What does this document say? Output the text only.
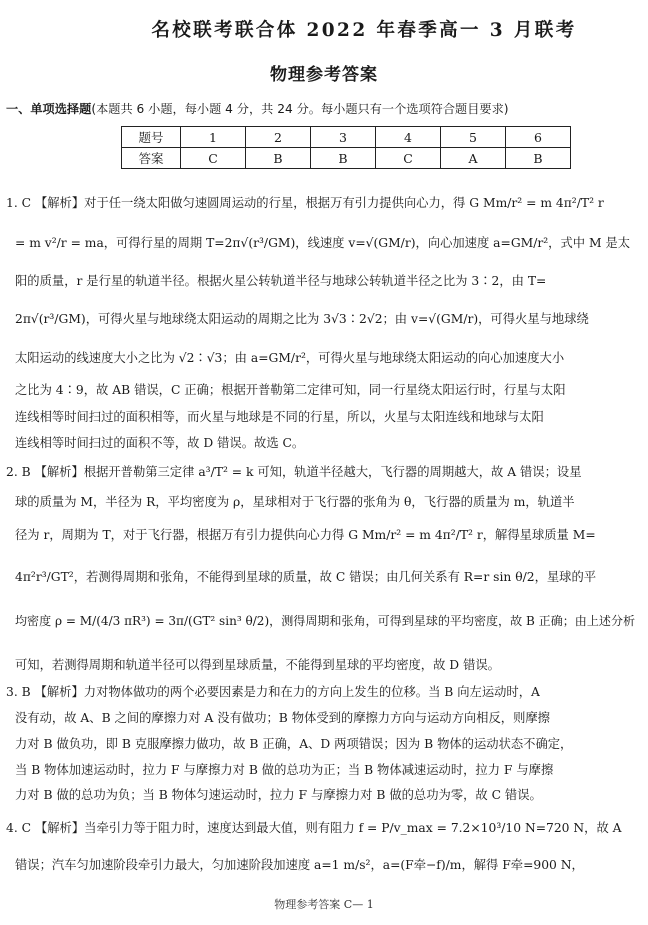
名校联考联合体 2022 年春季高一 3 月联考
物理参考答案
一、单项选择题(本题共 6 小题，每小题 4 分，共 24 分。每小题只有一个选项符合题目要求)
题号	1	2	3	4	5	6
答案	C	B	B	C	A	B
1. C 【解析】对于任一绕太阳做匀速圆周运动的行星，根据万有引力提供向心力，得 G Mm/r² = m 4π²/T² r
= m v²/r = ma，可得行星的周期 T=2π√(r³/GM)，线速度 v=√(GM/r)，向心加速度 a=GM/r²，式中 M 是太
阳的质量，r 是行星的轨道半径。根据火星公转轨道半径与地球公转轨道半径之比为 3∶2，由 T=
2π√(r³/GM)，可得火星与地球绕太阳运动的周期之比为 3√3∶2√2；由 v=√(GM/r)，可得火星与地球绕
太阳运动的线速度大小之比为 √2∶√3；由 a=GM/r²，可得火星与地球绕太阳运动的向心加速度大小
之比为 4∶9，故 AB 错误，C 正确；根据开普勒第二定律可知，同一行星绕太阳运行时，行星与太阳
连线相等时间扫过的面积相等，而火星与地球是不同的行星，所以，火星与太阳连线和地球与太阳
连线相等时间扫过的面积不等，故 D 错误。故选 C。
2. B 【解析】根据开普勒第三定律 a³/T² = k 可知，轨道半径越大，飞行器的周期越大，故 A 错误；设星
球的质量为 M，半径为 R，平均密度为 ρ，星球相对于飞行器的张角为 θ，飞行器的质量为 m，轨道半
径为 r，周期为 T，对于飞行器，根据万有引力提供向心力得 G Mm/r² = m 4π²/T² r，解得星球质量 M=
4π²r³/GT²，若测得周期和张角，不能得到星球的质量，故 C 错误；由几何关系有 R=r sin θ/2，星球的平
均密度 ρ = M/(4/3 πR³) = 3π/(GT² sin³ θ/2)，测得周期和张角，可得到星球的平均密度，故 B 正确；由上述分析
可知，若测得周期和轨道半径可以得到星球质量，不能得到星球的平均密度，故 D 错误。
3. B 【解析】力对物体做功的两个必要因素是力和在力的方向上发生的位移。当 B 向左运动时，A
没有动，故 A、B 之间的摩擦力对 A 没有做功；B 物体受到的摩擦力方向与运动方向相反，则摩擦
力对 B 做负功，即 B 克服摩擦力做功，故 B 正确，A、D 两项错误；因为 B 物体的运动状态不确定，
当 B 物体加速运动时，拉力 F 与摩擦力对 B 做的总功为正；当 B 物体减速运动时，拉力 F 与摩擦
力对 B 做的总功为负；当 B 物体匀速运动时，拉力 F 与摩擦力对 B 做的总功为零，故 C 错误。
4. C 【解析】当牵引力等于阻力时，速度达到最大值，则有阻力 f = P/v_max = 7.2×10³/10 N=720 N，故 A
错误；汽车匀加速阶段牵引力最大，匀加速阶段加速度 a=1 m/s²，a=(F牵−f)/m，解得 F牵=900 N，
物理参考答案 C— 1
